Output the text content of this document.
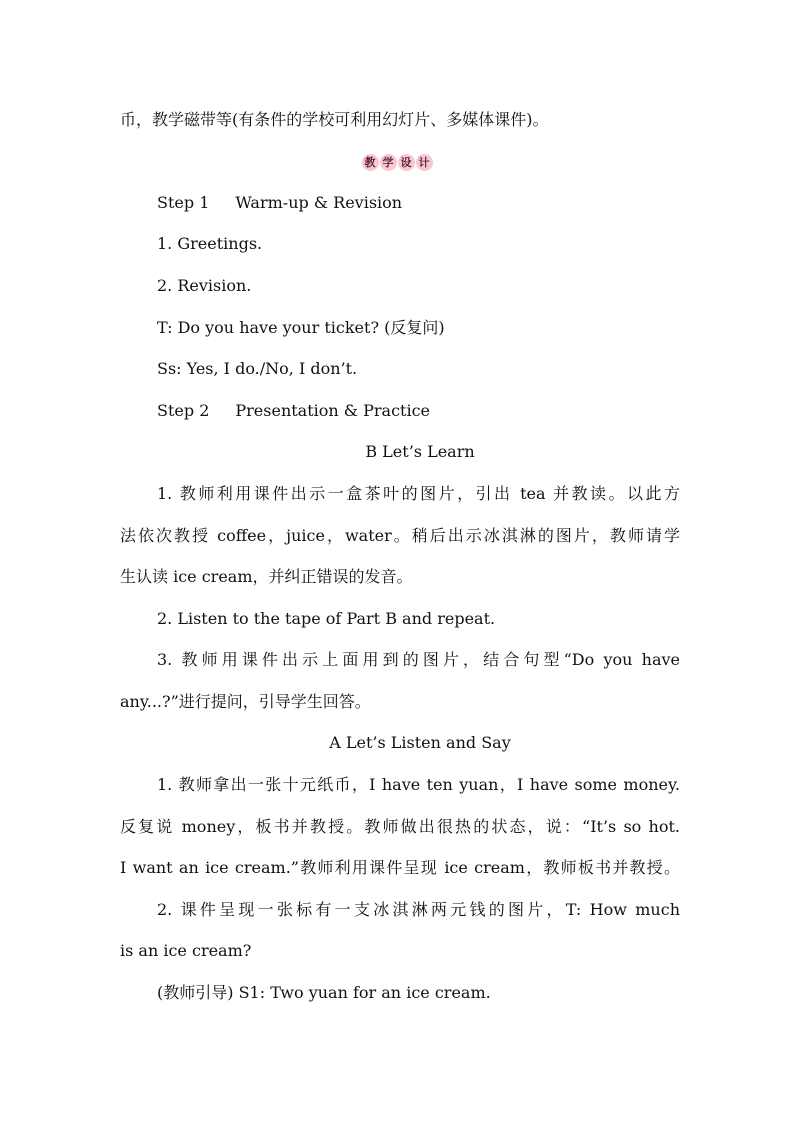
币，教学磁带等(有条件的学校可利用幻灯片、多媒体课件)。
教 学 设 计
Step 1 Warm-up & Revision
1. Greetings.
2. Revision.
T: Do you have your ticket? (反复问)
Ss: Yes, I do./No, I don’t.
Step 2 Presentation & Practice
B Let’s Learn
1. 教师利用课件出示一盒茶叶的图片，引出 tea 并教读。以此方
法依次教授 coffee，juice，water。稍后出示冰淇淋的图片，教师请学
生认读 ice cream，并纠正错误的发音。
2. Listen to the tape of Part B and repeat.
3. 教师用课件出示上面用到的图片，结合句型“Do you have
any...?”进行提问，引导学生回答。
A Let’s Listen and Say
1. 教师拿出一张十元纸币，I have ten yuan，I have some money.
反复说 money，板书并教授。教师做出很热的状态，说：“It’s so hot.
I want an ice cream.”教师利用课件呈现 ice cream，教师板书并教授。
2. 课件呈现一张标有一支冰淇淋两元钱的图片，T: How much
is an ice cream?
(教师引导) S1: Two yuan for an ice cream.
